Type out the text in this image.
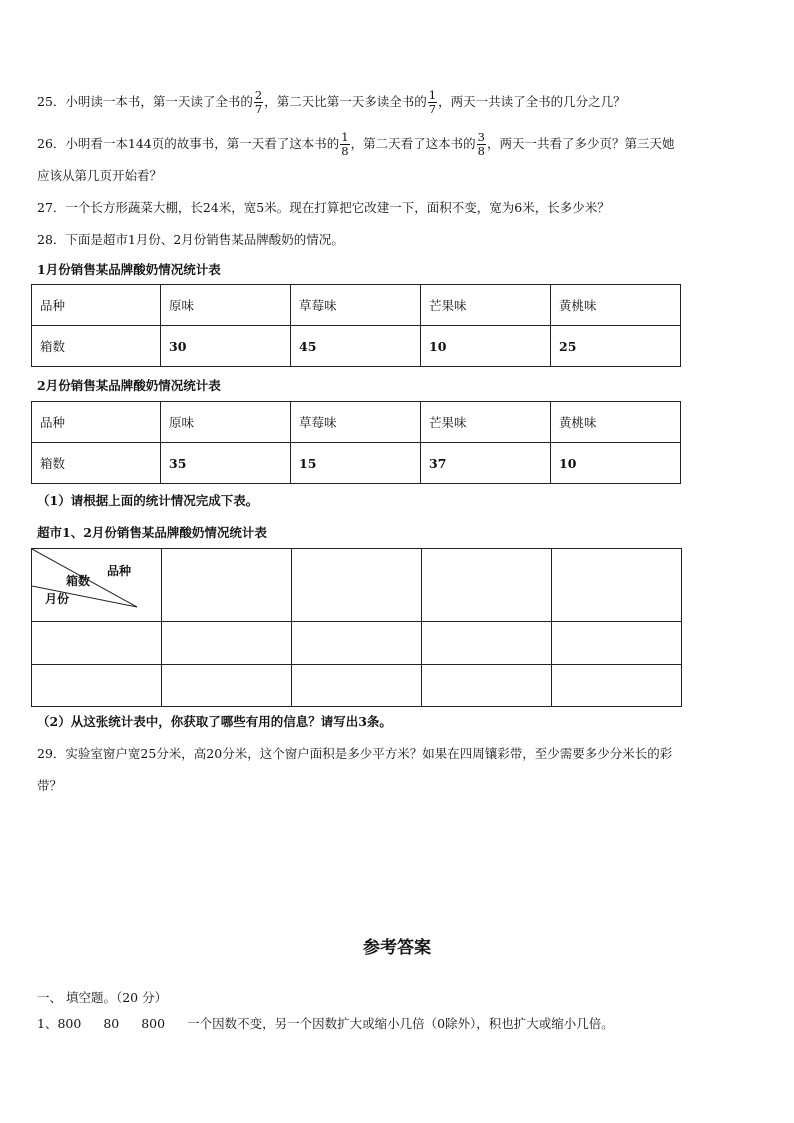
25．小明读一本书，第一天读了全书的 $\frac{2}{7}$ ，第二天比第一天多读全书的 $\frac{1}{7}$ ，两天一共读了全书的几分之几？
26．小明看一本144页的故事书，第一天看了这本书的 $\frac{1}{8}$ ，第二天看了这本书的 $\frac{3}{8}$ ，两天一共看了多少页？第三天她
应该从第几页开始看？
27．一个长方形蔬菜大棚，长24米，宽5米。现在打算把它改建一下，面积不变，宽为6米，长多少米？
28．下面是超市1月份、2月份销售某品牌酸奶的情况。
1月份销售某品牌酸奶情况统计表
品种	原味	草莓味	芒果味	黄桃味
箱数	30	45	10	25
2月份销售某品牌酸奶情况统计表
品种	原味	草莓味	芒果味	黄桃味
箱数	35	15	37	10
（1）请根据上面的统计情况完成下表。
超市1、2月份销售某品牌酸奶情况统计表
品种
箱数
月份				

（2）从这张统计表中，你获取了哪些有用的信息？请写出3条。
29．实验室窗户宽25分米，高20分米，这个窗户面积是多少平方米？如果在四周镶彩带，至少需要多少分米长的彩
带？
参考答案
一、 填空题。（20 分）
1、800 80 800 一个因数不变，另一个因数扩大或缩小几倍（0除外），积也扩大或缩小几倍。
